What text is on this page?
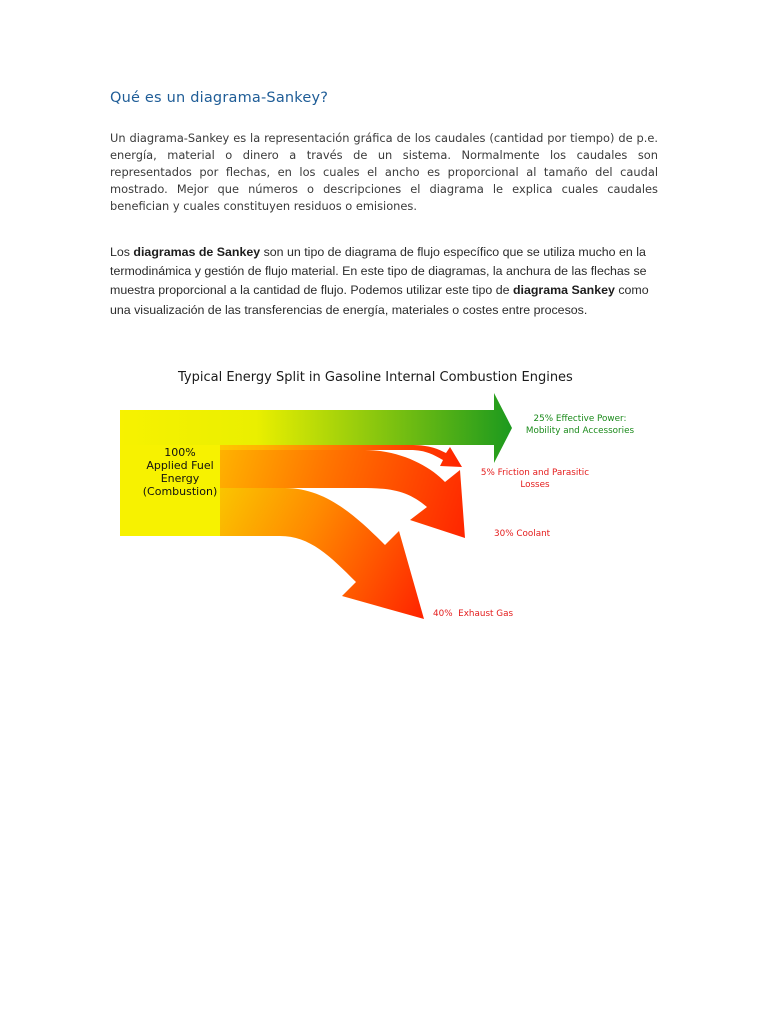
Qué es un diagrama-Sankey?

Un diagrama-Sankey es la representación gráfica de los caudales (cantidad por tiempo) de p.e. energía, material o dinero a través de un sistema. Normalmente los caudales son representados por flechas, en los cuales el ancho es proporcional al tamaño del caudal mostrado. Mejor que números o descripciones el diagrama le explica cuales caudales benefician y cuales constituyen residuos o emisiones.

Los diagramas de Sankey son un tipo de diagrama de flujo específico que se utiliza mucho en la termodinámica y gestión de flujo material. En este tipo de diagramas, la anchura de las flechas se muestra proporcional a la cantidad de flujo. Podemos utilizar este tipo de diagrama Sankey como una visualización de las transferencias de energía, materiales o costes entre procesos.

Typical Energy Split in Gasoline Internal Combustion Engines
100%
Applied Fuel
Energy
(Combustion)
25% Effective Power:
Mobility and Accessories
5% Friction and Parasitic
Losses
30% Coolant
40%  Exhaust Gas
